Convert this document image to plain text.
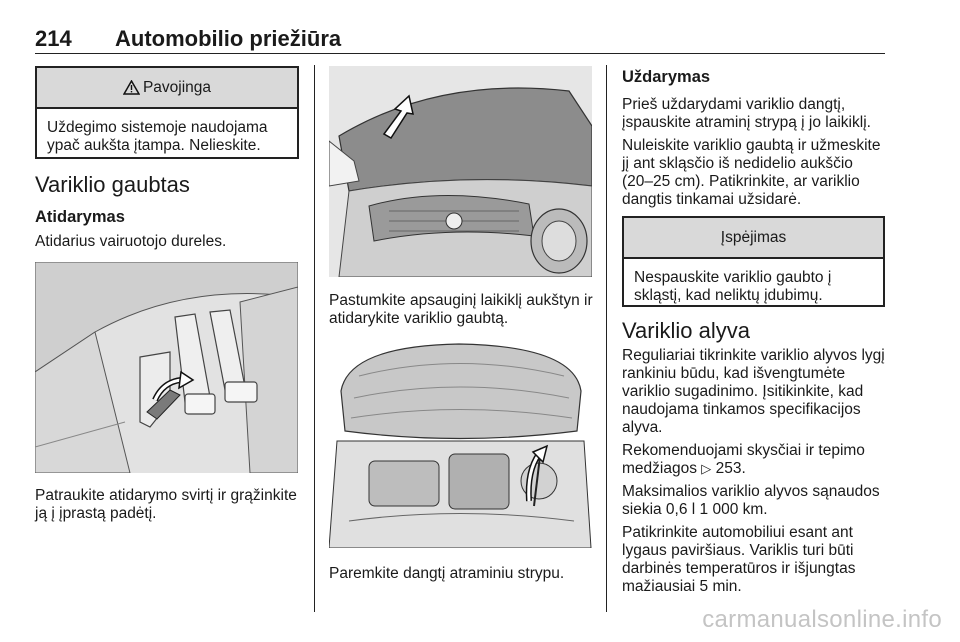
214 Automobilio priežiūra
Pavojinga
Uždegimo sistemoje naudojama ypač aukšta įtampa. Nelieskite.
Variklio gaubtas
Atidarymas

Atidarius vairuotojo dureles.

Patraukite atidarymo svirtį ir grąžinkite ją į įprastą padėtį.

Pastumkite apsauginį laikiklį aukštyn ir atidarykite variklio gaubtą.

Paremkite dangtį atraminiu strypu.

Uždarymas

Prieš uždarydami variklio dangtį, įspauskite atraminį strypą į jo laikiklį.

Nuleiskite variklio gaubtą ir užmeskite jį ant skląsčio iš nedidelio aukščio (20–25 cm). Patikrinkite, ar variklio dangtis tinkamai užsidarė.

Įspėjimas
Nespauskite variklio gaubto į skląstį, kad neliktų įdubimų.
Variklio alyva

Reguliariai tikrinkite variklio alyvos lygį rankiniu būdu, kad išvengtumėte variklio sugadinimo. Įsitikinkite, kad naudojama tinkamos specifikacijos alyva.

Rekomenduojami skysčiai ir tepimo medžiagos ▷ 253.

Maksimalios variklio alyvos sąnaudos siekia 0,6 l 1 000 km.

Patikrinkite automobiliui esant ant lygaus paviršiaus. Variklis turi būti darbinės temperatūros ir išjungtas mažiausiai 5 min.

carmanualsonline.info
